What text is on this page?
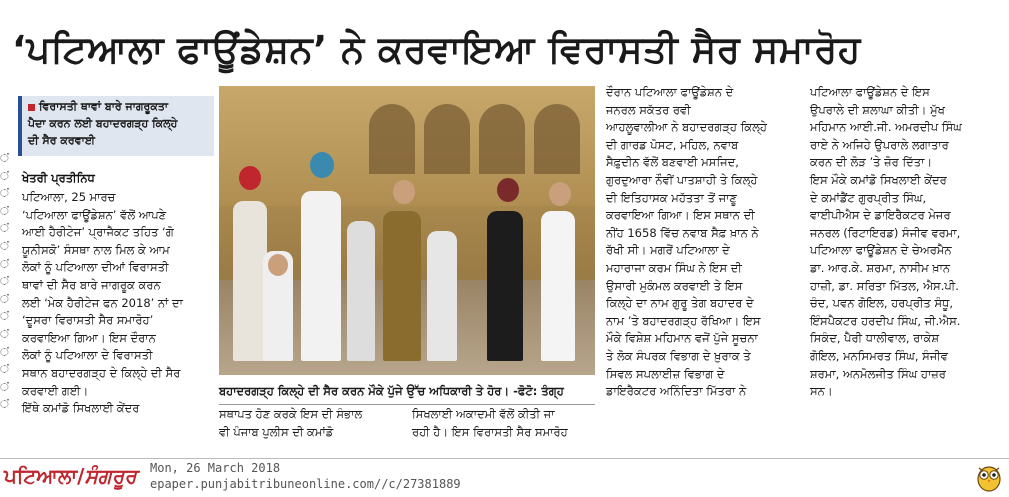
‘ਪਟਿਆਲਾ ਫਾਊਂਡੇਸ਼ਨ’ ਨੇ ਕਰਵਾਇਆ ਵਿਰਾਸਤੀ ਸੈਰ ਸਮਾਰੋਹ
ਂ
ਂ
ਂ
ਂ
ਂ
ਂ
ਂ
ਂ
ਂ
ਂ
ਂ
ਂ
ਂ
ਂ
ਂ
ਵਿਰਾਸਤੀ ਥਾਵਾਂ ਬਾਰੇ ਜਾਗਰੂਕਤਾ
ਪੈਦਾ ਕਰਨ ਲਈ ਬਹਾਦਰਗੜ੍ਹ ਕਿਲ੍ਹੇ
ਦੀ ਸੈਰ ਕਰਵਾਈ
ਖੇਤਰੀ ਪ੍ਰਤੀਨਿਧ
ਪਟਿਆਲਾ, 25 ਮਾਰਚ
‘ਪਟਿਆਲਾ ਫਾਊਂਡੇਸ਼ਨ’ ਵੱਲੋਂ ਆਪਣੇ
ਆਈ ਹੈਰੀਟੇਜ’ ਪ੍ਰਾਜੈਕਟ ਤਹਿਤ ‘ਗੋ
ਯੂਨੀਸਕੋ’ ਸੰਸਥਾ ਨਾਲ ਮਿਲ ਕੇ ਆਮ
ਲੋਕਾਂ ਨੂੰ ਪਟਿਆਲਾ ਦੀਆਂ ਵਿਰਾਸਤੀ
ਥਾਵਾਂ ਦੀ ਸੈਰ ਬਾਰੇ ਜਾਗਰੂਕ ਕਰਨ
ਲਈ ‘ਮੇਕ ਹੈਰੀਟੇਜ ਫਨ 2018’ ਨਾਂ ਦਾ
‘ਦੂਸਰਾ ਵਿਰਾਸਤੀ ਸੈਰ ਸਮਾਰੋਹ’
ਕਰਵਾਇਆ ਗਿਆ। ਇਸ ਦੌਰਾਨ
ਲੋਕਾਂ ਨੂੰ ਪਟਿਆਲਾ ਦੇ ਵਿਰਾਸਤੀ
ਸਥਾਨ ਬਹਾਦਰਗੜ੍ਹ ਦੇ ਕਿਲ੍ਹੇ ਦੀ ਸੈਰ
ਕਰਵਾਈ ਗਈ।
ਇੱਥੇ ਕਮਾਂਡੋ ਸਿਖਲਾਈ ਕੇਂਦਰ
ਬਹਾਦਰਗੜ੍ਹ ਕਿਲ੍ਹੇ ਦੀ ਸੈਰ ਕਰਨ ਮੌਕੇ ਪੁੱਜੇ ਉੱਚ ਅਧਿਕਾਰੀ ਤੇ ਹੋਰ। -ਫੋਟੋ: ਤੰਗ੍ਹ
ਸਥਾਪਤ ਹੋਣ ਕਰਕੇ ਇਸ ਦੀ ਸੰਭਾਲ
ਵੀ ਪੰਜਾਬ ਪੁਲੀਸ ਦੀ ਕਮਾਂਡੋ
ਸਿਖਲਾਈ ਅਕਾਦਮੀ ਵੱਲੋਂ ਕੀਤੀ ਜਾ
ਰਹੀ ਹੈ। ਇਸ ਵਿਰਾਸਤੀ ਸੈਰ ਸਮਾਰੋਹ
ਦੌਰਾਨ ਪਟਿਆਲਾ ਫਾਊਂਡੇਸ਼ਨ ਦੇ
ਜਨਰਲ ਸਕੱਤਰ ਰਵੀ
ਆਹਲੂਵਾਲੀਆ ਨੇ ਬਹਾਦਰਗੜ੍ਹ ਕਿਲ੍ਹੇ
ਦੀ ਗਾਰਡ ਪੋਸਟ, ਮਹਿਲ, ਨਵਾਬ
ਸੈਫ਼ੁਦੀਨ ਵੱਲੋਂ ਬਣਵਾਈ ਮਸਜਿਦ,
ਗੁਰਦੁਆਰਾ ਨੌਵੀਂ ਪਾਤਸ਼ਾਹੀ ਤੇ ਕਿਲ੍ਹੇ
ਦੀ ਇਤਿਹਾਸਕ ਮਹੱਤਤਾ ਤੋਂ ਜਾਣੂ
ਕਰਵਾਇਆ ਗਿਆ। ਇਸ ਸਥਾਨ ਦੀ
ਨੀਂਹ 1658 ਵਿੱਚ ਨਵਾਬ ਸੈਫ਼ ਖ਼ਾਨ ਨੇ
ਰੱਖੀ ਸੀ। ਮਗਰੋਂ ਪਟਿਆਲਾ ਦੇ
ਮਹਾਰਾਜਾ ਕਰਮ ਸਿੰਘ ਨੇ ਇਸ ਦੀ
ਉਸਾਰੀ ਮੁਕੰਮਲ ਕਰਵਾਈ ਤੇ ਇਸ
ਕਿਲ੍ਹੇ ਦਾ ਨਾਮ ਗੁਰੂ ਤੇਗ ਬਹਾਦਰ ਦੇ
ਨਾਮ ’ਤੇ ਬਹਾਦਰਗੜ੍ਹ ਰੱਖਿਆ। ਇਸ
ਮੌਕੇ ਵਿਸ਼ੇਸ਼ ਮਹਿਮਾਨ ਵਜੋਂ ਪੁੱਜੇ ਸੂਚਨਾ
ਤੇ ਲੋਕ ਸੰਪਰਕ ਵਿਭਾਗ ਦੇ ਖ਼ੁਰਾਕ ਤੇ
ਸਿਵਲ ਸਪਲਾਈਜ਼ ਵਿਭਾਗ ਦੇ
ਡਾਇਰੈਕਟਰ ਅਨਿੰਦਿਤਾ ਮਿੱਤਰਾ ਨੇ
ਪਟਿਆਲਾ ਫਾਊਂਡੇਸ਼ਨ ਦੇ ਇਸ
ਉਪਰਾਲੇ ਦੀ ਸ਼ਲਾਘਾ ਕੀਤੀ। ਮੁੱਖ
ਮਹਿਮਾਨ ਆਈ.ਜੀ. ਅਮਰਦੀਪ ਸਿੰਘ
ਰਾਏ ਨੇ ਅਜਿਹੇ ਉਪਰਾਲੇ ਲਗਾਤਾਰ
ਕਰਨ ਦੀ ਲੋੜ ’ਤੇ ਜ਼ੋਰ ਦਿੱਤਾ।
ਇਸ ਮੌਕੇ ਕਮਾਂਡੋ ਸਿਖਲਾਈ ਕੇਂਦਰ
ਦੇ ਕਮਾਂਡੈਂਟ ਗੁਰਪ੍ਰੀਤ ਸਿੰਘ,
ਵਾਈਪੀਐਸ ਦੇ ਡਾਇਰੈਕਟਰ ਮੇਜਰ
ਜਨਰਲ (ਰਿਟਾਇਰਡ) ਸੰਜੀਵ ਵਰਮਾ,
ਪਟਿਆਲਾ ਫਾਊਂਡੇਸ਼ਨ ਦੇ ਚੇਅਰਮੈਨ
ਡਾ. ਆਰ.ਕੇ. ਸ਼ਰਮਾ, ਨਾਸੀਮ ਖ਼ਾਨ
ਹਾਜ਼ੀ, ਡਾ. ਸਰਿਤਾ ਮਿੱਤਲ, ਐਸ.ਪੀ.
ਚੰਦ, ਪਵਨ ਗੋਇਲ, ਹਰਪ੍ਰੀਤ ਸੰਧੂ,
ਇੰਸਪੈਕਟਰ ਹਰਦੀਪ ਸਿੰਘ, ਜੀ.ਐਸ.
ਸਿਕੰਦ, ਪੈਰੀ ਧਾਲੀਵਾਲ, ਰਾਕੇਸ਼
ਗੋਇਲ, ਮਨਸਿਮਰਤ ਸਿੰਘ, ਸੰਜੀਵ
ਸ਼ਰਮਾ, ਅਨਮੋਲਜੀਤ ਸਿੰਘ ਹਾਜ਼ਰ
ਸਨ।
ਪਟਿਆਲਾ/ਸੰਗਰੂਰ	Mon, 26 March 2018
epaper.punjabitribuneonline.com//c/27381889
